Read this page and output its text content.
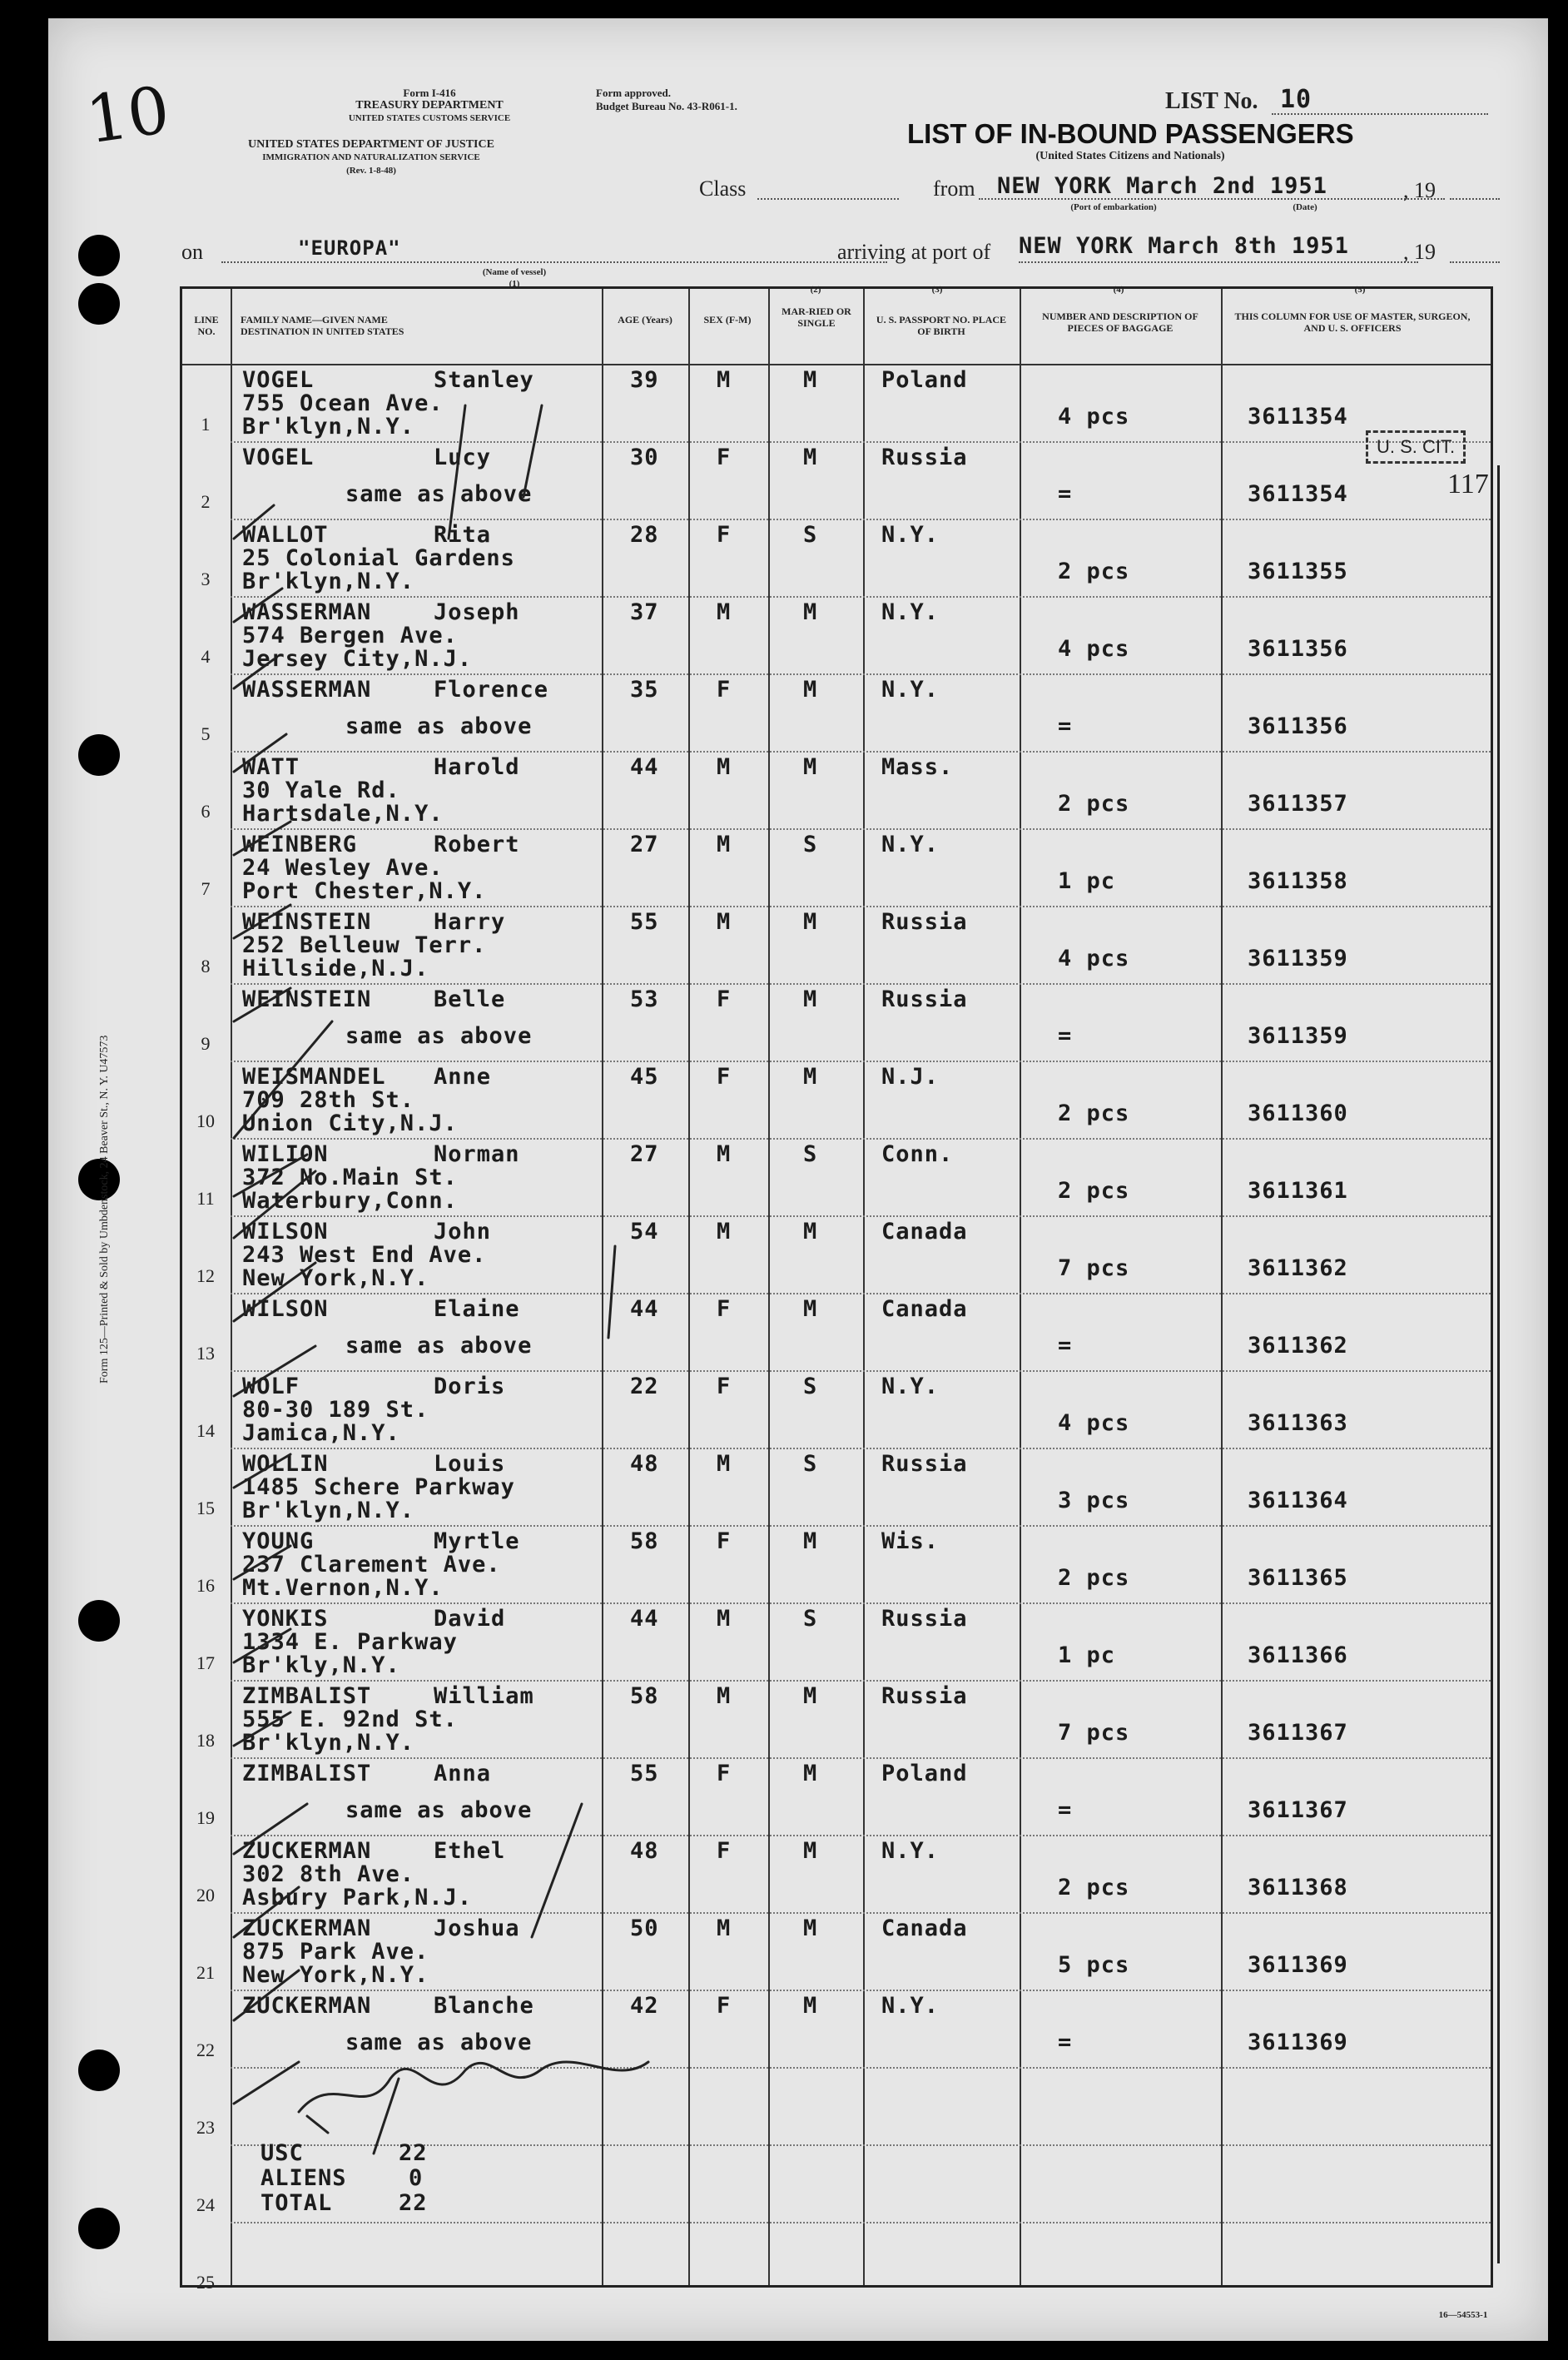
10
Form 125—Printed & Sold by Umbdenstock, 24 Beaver St., N. Y. U47573
Form I-416
TREASURY DEPARTMENT
UNITED STATES CUSTOMS SERVICE
UNITED STATES DEPARTMENT OF JUSTICE
IMMIGRATION AND NATURALIZATION SERVICE
(Rev. 1-8-48)
Form approved.
Budget Bureau No. 43-R061-1.	LIST No. 10
LIST OF IN-BOUND PASSENGERS
(United States Citizens and Nationals)
Class	from NEW YORK March 2nd 1951	, 19
(Port of embarkation)	(Date)
on	"EUROPA"
(Name of vessel)
(1)
arriving at port of NEW YORK March 8th 1951	, 19
(2)	(3)	(4)	(5)
LINE NO.
FAMILY NAME—GIVEN NAME DESTINATION IN UNITED STATES
AGE (Years)	SEX (F-M)
MAR-RIED OR SINGLE	U. S. PASSPORT NO. PLACE OF BIRTH
NUMBER AND DESCRIPTION OF PIECES OF BAGGAGE
THIS COLUMN FOR USE OF MASTER, SURGEON, AND U. S. OFFICERS
VOGEL	Stanley
755 Ocean Ave.
Br'klyn,N.Y.
39	M	M	Poland
4 pcs	3611354
1
VOGEL	Lucy
same as above
30	F	M	Russia
=	3611354
2
WALLOT	Rita
25 Colonial Gardens
Br'klyn,N.Y.
28	F	S	N.Y.
2 pcs	3611355
3
WASSERMAN	Joseph
574 Bergen Ave.
Jersey City,N.J.
37	M	M	N.Y.
4 pcs	3611356
4
WASSERMAN	Florence
same as above
35	F	M	N.Y.
=	3611356
5
WATT	Harold
30 Yale Rd.
Hartsdale,N.Y.
44	M	M	Mass.
2 pcs	3611357
6
WEINBERG	Robert
24 Wesley Ave.
Port Chester,N.Y.
27	M	S	N.Y.
1 pc	3611358
7
WEINSTEIN	Harry
252 Belleuw Terr.
Hillside,N.J.
55	M	M	Russia
4 pcs	3611359
8
WEINSTEIN	Belle
same as above
53	F	M	Russia
=	3611359
9
WEISMANDEL Anne
709 28th St.
Union City,N.J.
45	F	M	N.J.
2 pcs	3611360
10
WILION	Norman
372 No.Main St.
Waterbury,Conn.
27	M	S	Conn.
2 pcs	3611361
11
WILSON	John
243 West End Ave.
New York,N.Y.
54	M	M	Canada
7 pcs	3611362
12
WILSON	Elaine
same as above
44	F	M	Canada
=	3611362
13
WOLF	Doris
80-30 189 St.
Jamica,N.Y.
22	F	S	N.Y.
4 pcs	3611363
14
WOLLIN	Louis
1485 Schere Parkway
Br'klyn,N.Y.
48	M	S	Russia
3 pcs	3611364
15
YOUNG	Myrtle
237 Clarement Ave.
Mt.Vernon,N.Y.
58	F	M	Wis.
2 pcs	3611365
16
YONKIS	David
1334 E. Parkway
Br'kly,N.Y.
44	M	S	Russia
1 pc	3611366
17
ZIMBALIST	William
555 E. 92nd St.
Br'klyn,N.Y.
58	M	M	Russia
7 pcs	3611367
18
ZIMBALIST	Anna
same as above
55	F	M	Poland
=	3611367
19
ZUCKERMAN	Ethel
302 8th Ave.
Asbury Park,N.J.
48	F	M	N.Y.
2 pcs	3611368
20
ZUCKERMAN	Joshua
875 Park Ave.
New York,N.Y.
50	M	M	Canada
5 pcs	3611369
21
ZUCKERMAN	Blanche
same as above
42	F	M	N.Y.
=	3611369
22
23
24
25
USC	22
ALIENS	0
TOTAL	22
U. S. CIT.
117
16—54553-1
